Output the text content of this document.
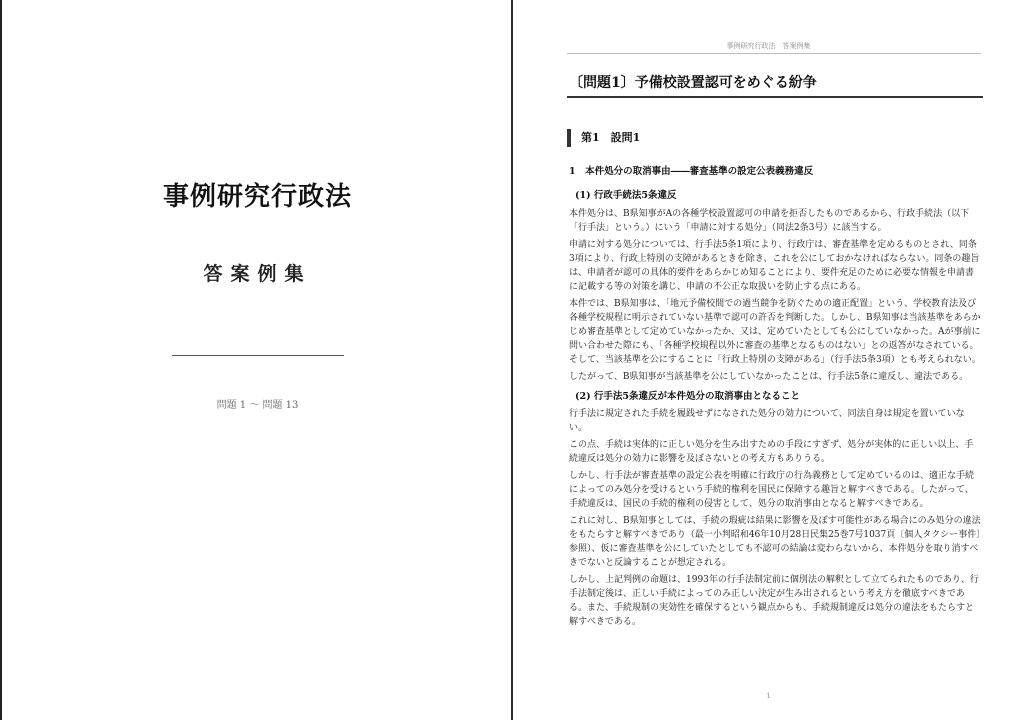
事例研究行政法
答案例集
問題 1 〜 問題 13
事例研究行政法　答案例集
〔問題1〕予備校設置認可をめぐる紛争
第1　設問1

1　本件処分の取消事由――審査基準の設定公表義務違反

(1) 行政手続法5条違反

本件処分は、B県知事がAの各種学校設置認可の申請を拒否したものであるから、行政手続法（以下「行手法」という。）にいう「申請に対する処分」（同法2条3号）に該当する。

申請に対する処分については、行手法5条1項により、行政庁は、審査基準を定めるものとされ、同条3項により、行政上特別の支障があるときを除き、これを公にしておかなければならない。同条の趣旨は、申請者が認可の具体的要件をあらかじめ知ることにより、要件充足のために必要な情報を申請書に記載する等の対策を講じ、申請の不公正な取扱いを防止する点にある。

本件では、B県知事は、「地元予備校間での過当競争を防ぐための適正配置」という、学校教育法及び各種学校規程に明示されていない基準で認可の許否を判断した。しかし、B県知事は当該基準をあらかじめ審査基準として定めていなかったか、又は、定めていたとしても公にしていなかった。Aが事前に問い合わせた際にも、「各種学校規程以外に審査の基準となるものはない」との返答がなされている。そして、当該基準を公にすることに「行政上特別の支障がある」（行手法5条3項）とも考えられない。

したがって、B県知事が当該基準を公にしていなかったことは、行手法5条に違反し、違法である。

(2) 行手法5条違反が本件処分の取消事由となること

行手法に規定された手続を履践せずになされた処分の効力について、同法自身は規定を置いていない。

この点、手続は実体的に正しい処分を生み出すための手段にすぎず、処分が実体的に正しい以上、手続違反は処分の効力に影響を及ぼさないとの考え方もありうる。

しかし、行手法が審査基準の設定公表を明確に行政庁の行為義務として定めているのは、適正な手続によってのみ処分を受けるという手続的権利を国民に保障する趣旨と解すべきである。したがって、手続違反は、国民の手続的権利の侵害として、処分の取消事由となると解すべきである。

これに対し、B県知事としては、手続の瑕疵は結果に影響を及ぼす可能性がある場合にのみ処分の違法をもたらすと解すべきであり（最一小判昭和46年10月28日民集25巻7号1037頁〔個人タクシー事件〕参照）、仮に審査基準を公にしていたとしても不認可の結論は変わらないから、本件処分を取り消すべきでないと反論することが想定される。

しかし、上記判例の命題は、1993年の行手法制定前に個別法の解釈として立てられたものであり、行手法制定後は、正しい手続によってのみ正しい決定が生み出されるという考え方を徹底すべきである。また、手続規制の実効性を確保するという観点からも、手続規制違反は処分の違法をもたらすと解すべきである。

1
